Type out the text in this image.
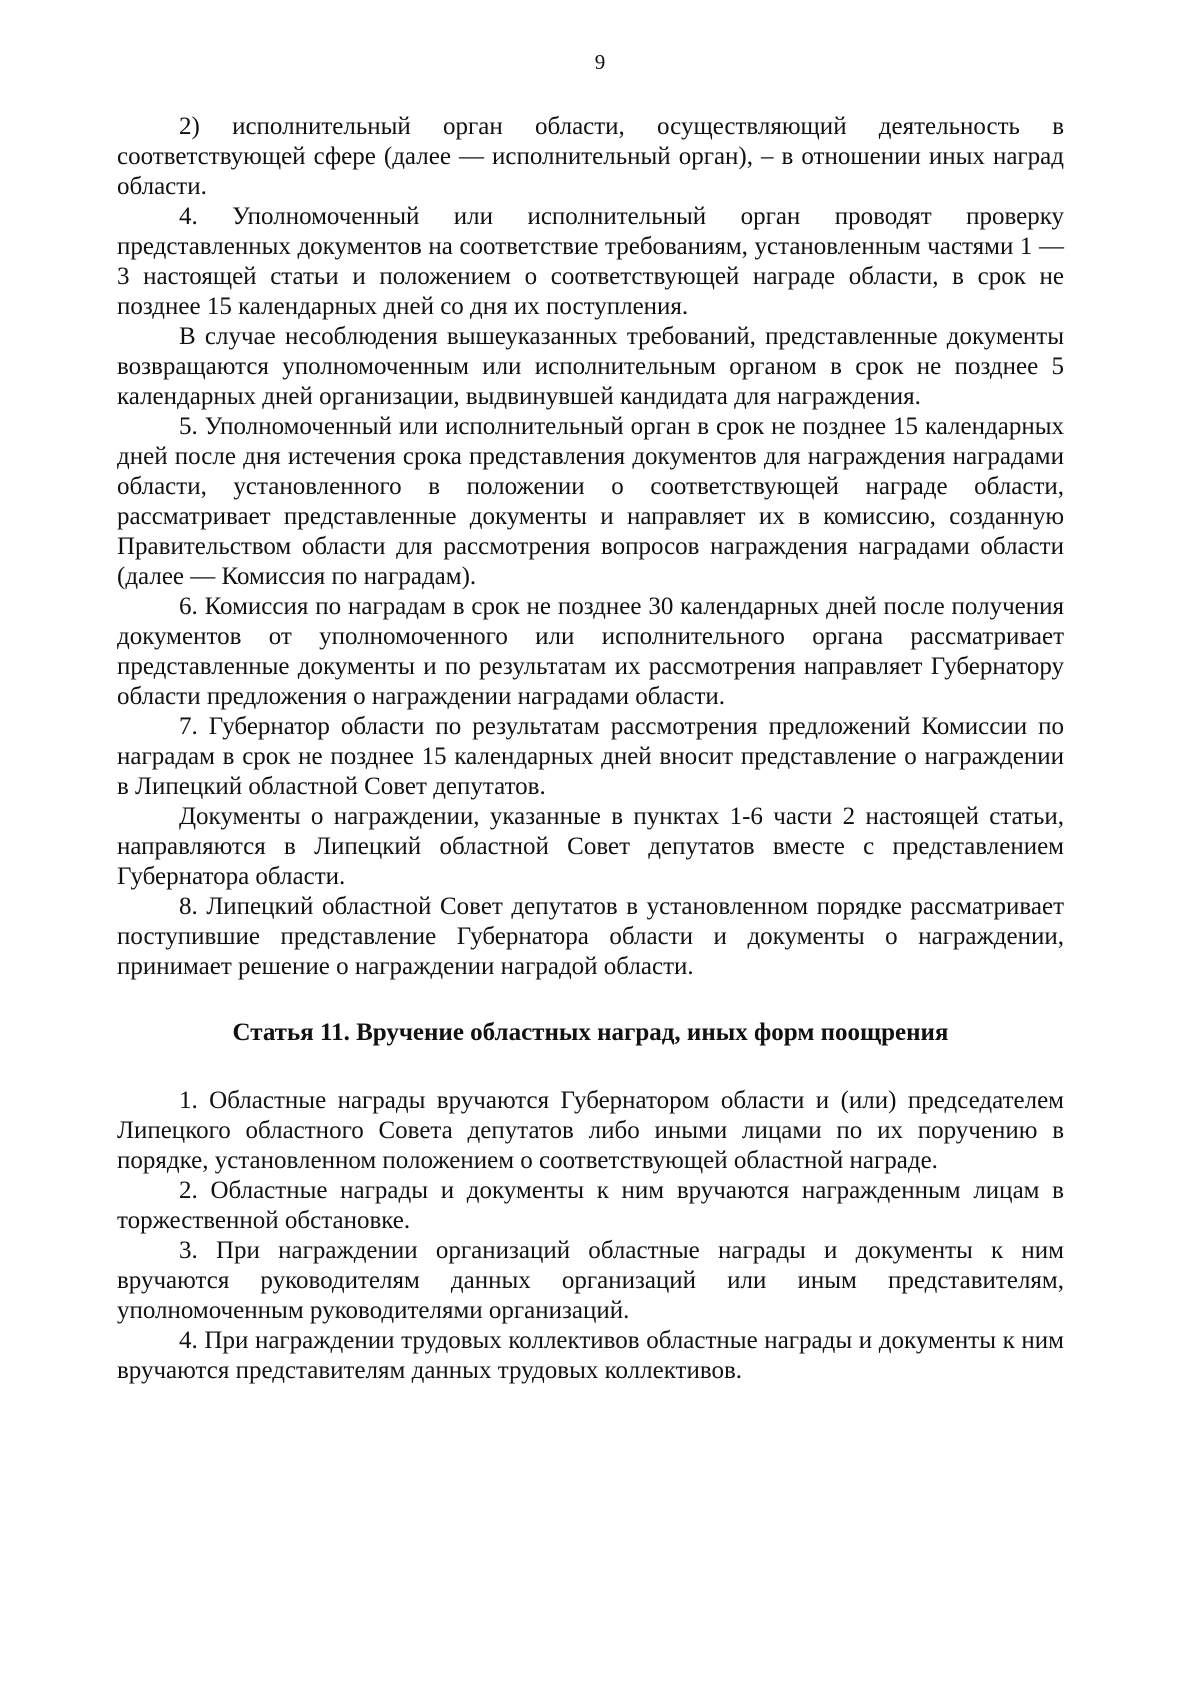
9

2) исполнительный орган области, осуществляющий деятельность в соответствующей сфере (далее — исполнительный орган), – в отношении иных наград области.

4. Уполномоченный или исполнительный орган проводят проверку представленных документов на соответствие требованиям, установленным частями 1 — 3 настоящей статьи и положением о соответствующей награде области, в срок не позднее 15 календарных дней со дня их поступления.

В случае несоблюдения вышеуказанных требований, представленные документы возвращаются уполномоченным или исполнительным органом в срок не позднее 5 календарных дней организации, выдвинувшей кандидата для награждения.

5. Уполномоченный или исполнительный орган в срок не позднее 15 календарных дней после дня истечения срока представления документов для награждения наградами области, установленного в положении о соответствующей награде области, рассматривает представленные документы и направляет их в комиссию, созданную Правительством области для рассмотрения вопросов награждения наградами области (далее — Комиссия по наградам).

6. Комиссия по наградам в срок не позднее 30 календарных дней после получения документов от уполномоченного или исполнительного органа рассматривает представленные документы и по результатам их рассмотрения направляет Губернатору области предложения о награждении наградами области.

7. Губернатор области по результатам рассмотрения предложений Комиссии по наградам в срок не позднее 15 календарных дней вносит представление о награждении в Липецкий областной Совет депутатов.

Документы о награждении, указанные в пунктах 1-6 части 2 настоящей статьи, направляются в Липецкий областной Совет депутатов вместе с представлением Губернатора области.

8. Липецкий областной Совет депутатов в установленном порядке рассматривает поступившие представление Губернатора области и документы о награждении, принимает решение о награждении наградой области.

Статья 11. Вручение областных наград, иных форм поощрения

1. Областные награды вручаются Губернатором области и (или) председателем Липецкого областного Совета депутатов либо иными лицами по их поручению в порядке, установленном положением о соответствующей областной награде.

2. Областные награды и документы к ним вручаются награжденным лицам в торжественной обстановке.

3. При награждении организаций областные награды и документы к ним вручаются руководителям данных организаций или иным представителям, уполномоченным руководителями организаций.

4. При награждении трудовых коллективов областные награды и документы к ним вручаются представителям данных трудовых коллективов.
